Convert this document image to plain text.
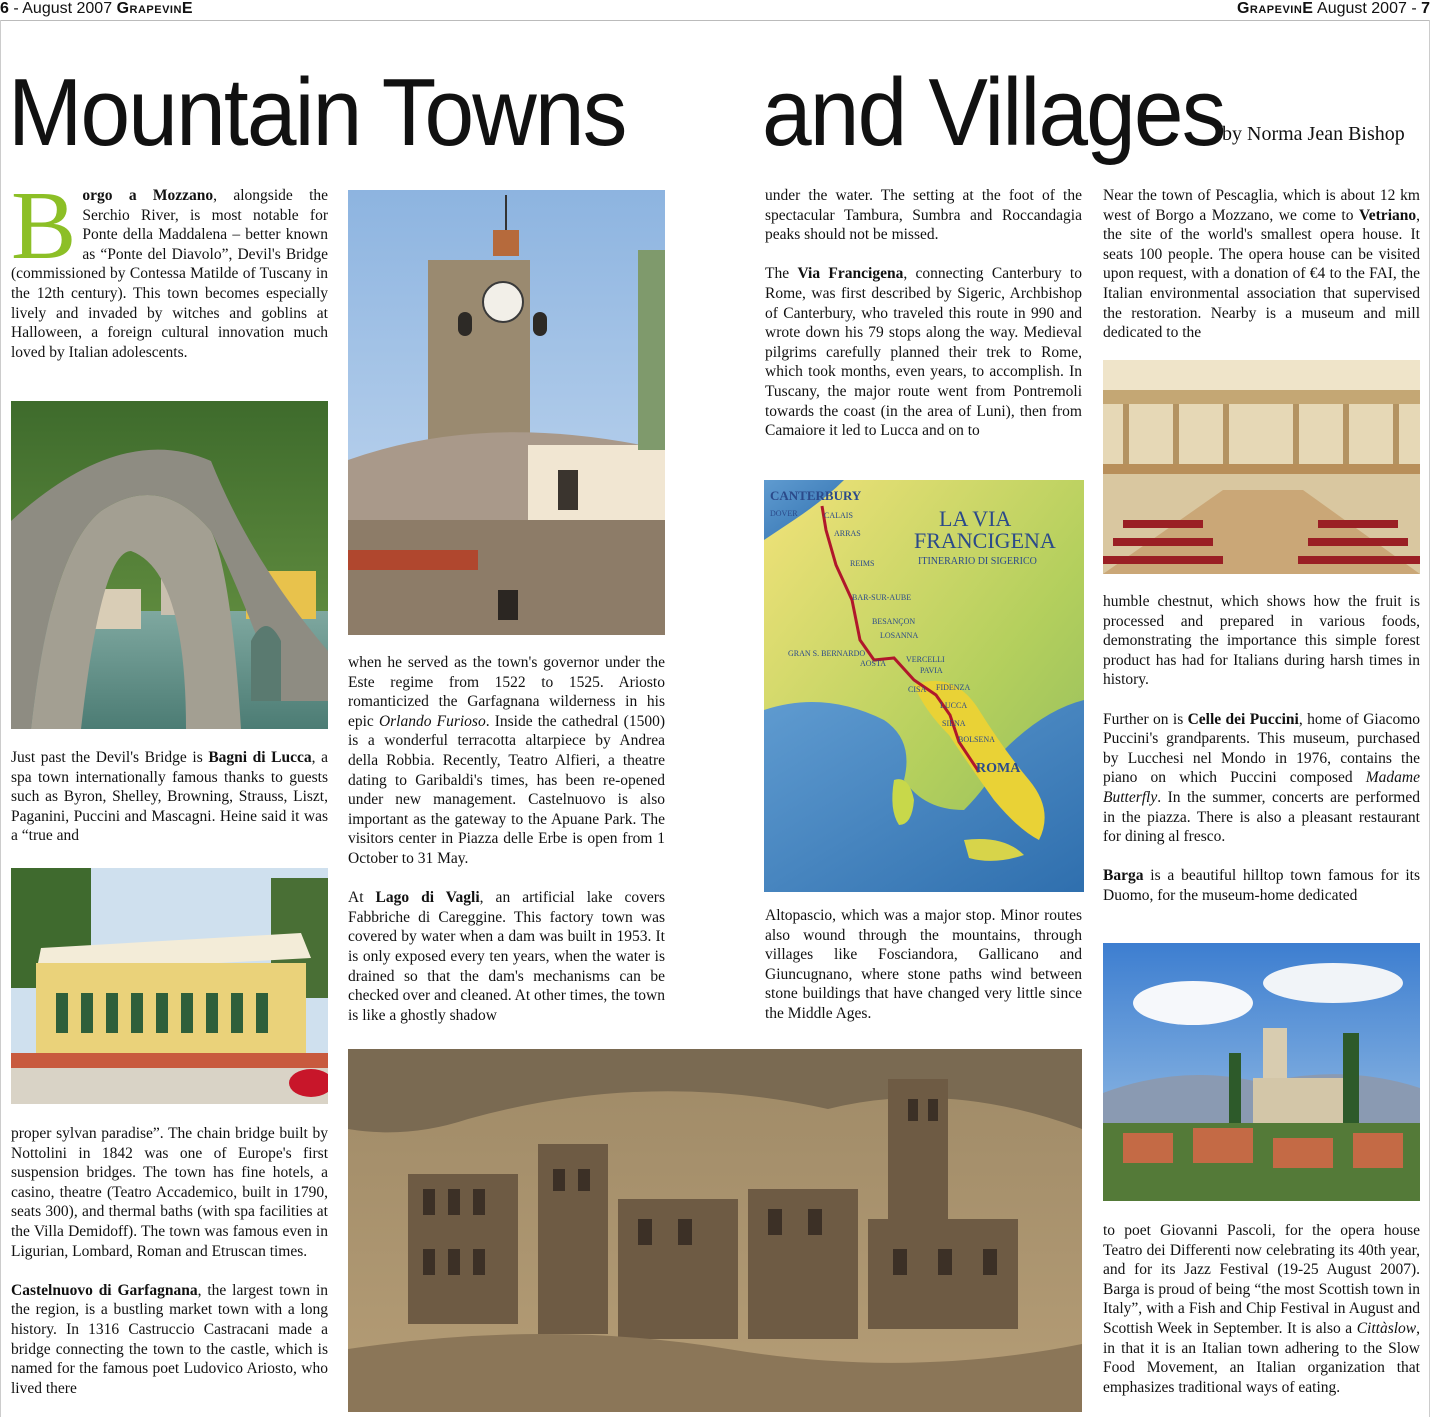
6 - August 2007 GrapevinE	GrapevinE August 2007 - 7
Mountain Towns and Villages
by Norma Jean Bishop
Borgo a Mozzano, alongside the Serchio River, is most notable for Ponte della Maddalena – better known as “Ponte del Diavolo”, Devil's Bridge (commissioned by Contessa Matilde of Tuscany in the 12th century). This town becomes especially lively and invaded by witches and goblins at Halloween, a foreign cultural innovation much loved by Italian adolescents.

Just past the Devil's Bridge is Bagni di Lucca, a spa town internationally famous thanks to guests such as Byron, Shelley, Browning, Strauss, Liszt, Paganini, Puccini and Mascagni. Heine said it was a “true and

proper sylvan paradise”. The chain bridge built by Nottolini in 1842 was one of Europe's first suspension bridges. The town has fine hotels, a casino, theatre (Teatro Accademico, built in 1790, seats 300), and thermal baths (with spa facilities at the Villa Demidoff). The town was famous even in Ligurian, Lombard, Roman and Etruscan times.

Castelnuovo di Garfagnana, the largest town in the region, is a bustling market town with a long history. In 1316 Castruccio Castracani made a bridge connecting the town to the castle, which is named for the famous poet Ludovico Ariosto, who lived there

when he served as the town's governor under the Este regime from 1522 to 1525. Ariosto romanticized the Garfagnana wilderness in his epic Orlando Furioso. Inside the cathedral (1500) is a wonderful terracotta altarpiece by Andrea della Robbia. Recently, Teatro Alfieri, a theatre dating to Garibaldi's times, has been re-opened under new management. Castelnuovo is also important as the gateway to the Apuane Park. The visitors center in Piazza delle Erbe is open from 1 October to 31 May.

At Lago di Vagli, an artificial lake covers Fabbriche di Careggine. This factory town was covered by water when a dam was built in 1953. It is only exposed every ten years, when the water is drained so that the dam's mechanisms can be checked over and cleaned. At other times, the town is like a ghostly shadow

under the water. The setting at the foot of the spectacular Tambura, Sumbra and Roccandagia peaks should not be missed.

The Via Francigena, connecting Canterbury to Rome, was first described by Sigeric, Archbishop of Canterbury, who traveled this route in 990 and wrote down his 79 stops along the way. Medieval pilgrims carefully planned their trek to Rome, which took months, even years, to accomplish. In Tuscany, the major route went from Pontremoli towards the coast (in the area of Luni), then from Camaiore it led to Lucca and on to

CANTERBURY
DOVER	CALAIS
ARRAS
REIMS
BAR-SUR-AUBE
BESANÇON
LOSANNA
GRAN S. BERNARDO
AOSTA VERCELLI
PAVIA
CISA FIDENZA
LUCCA
SIENA
BOLSENA
ROMA
LA VIA
FRANCIGENA
ITINERARIO DI SIGERICO

Altopascio, which was a major stop. Minor routes also wound through the mountains, through villages like Fosciandora, Gallicano and Giuncugnano, where stone paths wind between stone buildings that have changed very little since the Middle Ages.

Near the town of Pescaglia, which is about 12 km west of Borgo a Mozzano, we come to Vetriano, the site of the world's smallest opera house. It seats 100 people. The opera house can be visited upon request, with a donation of €4 to the FAI, the Italian environmental association that supervised the restoration. Nearby is a museum and mill dedicated to the

humble chestnut, which shows how the fruit is processed and prepared in various foods, demonstrating the importance this simple forest product has had for Italians during harsh times in history.

Further on is Celle dei Puccini, home of Giacomo Puccini's grandparents. This museum, purchased by Lucchesi nel Mondo in 1976, contains the piano on which Puccini composed Madame Butterfly. In the summer, concerts are performed in the piazza. There is also a pleasant restaurant for dining al fresco.

Barga is a beautiful hilltop town famous for its Duomo, for the museum-home dedicated

to poet Giovanni Pascoli, for the opera house Teatro dei Differenti now celebrating its 40th year, and for its Jazz Festival (19-25 August 2007). Barga is proud of being “the most Scottish town in Italy”, with a Fish and Chip Festival in August and Scottish Week in September. It is also a Cittàslow, in that it is an Italian town adhering to the Slow Food Movement, an Italian organization that emphasizes traditional ways of eating.
